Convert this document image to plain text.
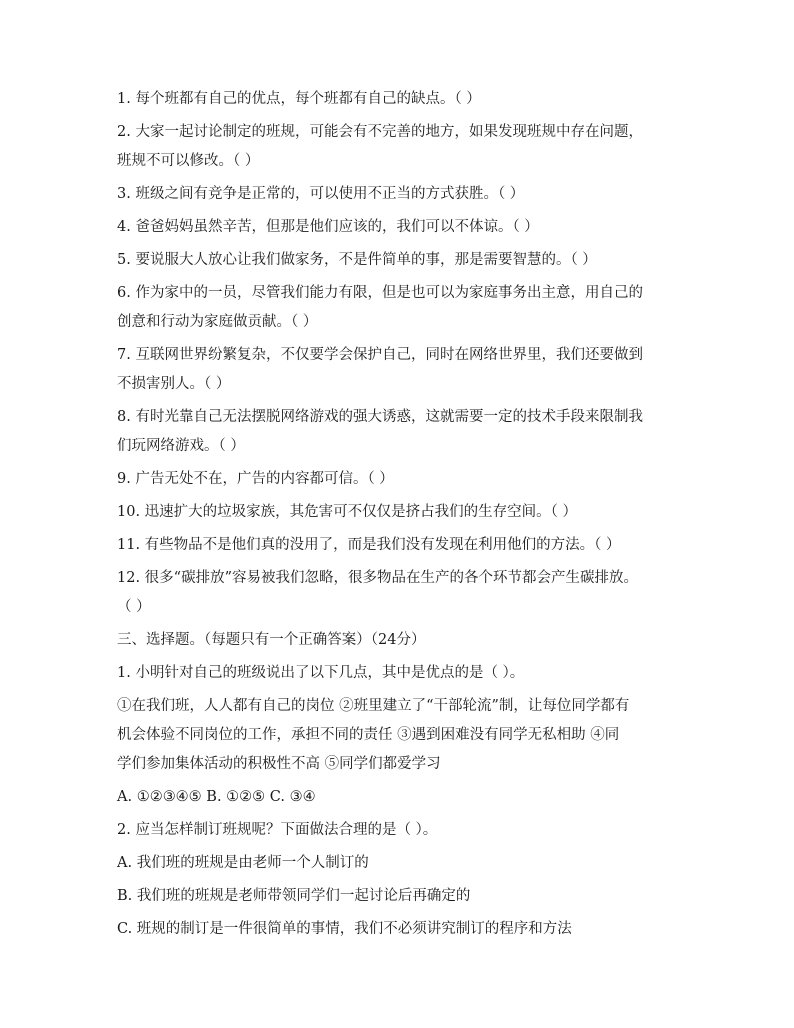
1. 每个班都有自己的优点，每个班都有自己的缺点。（ ）

2. 大家一起讨论制定的班规，可能会有不完善的地方，如果发现班规中存在问题，

班规不可以修改。（ ）

3. 班级之间有竞争是正常的，可以使用不正当的方式获胜。（ ）

4. 爸爸妈妈虽然辛苦，但那是他们应该的，我们可以不体谅。（ ）

5. 要说服大人放心让我们做家务，不是件简单的事，那是需要智慧的。（ ）

6. 作为家中的一员，尽管我们能力有限，但是也可以为家庭事务出主意，用自己的

创意和行动为家庭做贡献。（ ）

7. 互联网世界纷繁复杂，不仅要学会保护自己，同时在网络世界里，我们还要做到

不损害别人。（ ）

8. 有时光靠自己无法摆脱网络游戏的强大诱惑，这就需要一定的技术手段来限制我

们玩网络游戏。（ ）

9. 广告无处不在，广告的内容都可信。（ ）

10. 迅速扩大的垃圾家族，其危害可不仅仅是挤占我们的生存空间。（ ）

11. 有些物品不是他们真的没用了，而是我们没有发现在利用他们的方法。（ ）

12. 很多“碳排放”容易被我们忽略，很多物品在生产的各个环节都会产生碳排放。

（ ）

三、选择题。（每题只有一个正确答案）（24分）

1. 小明针对自己的班级说出了以下几点，其中是优点的是（ ）。

①在我们班，人人都有自己的岗位 ②班里建立了“干部轮流”制，让每位同学都有

机会体验不同岗位的工作，承担不同的责任 ③遇到困难没有同学无私相助 ④同

学们参加集体活动的积极性不高 ⑤同学们都爱学习

A. ①②③④⑤ B. ①②⑤ C. ③④

2. 应当怎样制订班规呢？下面做法合理的是（ ）。

A. 我们班的班规是由老师一个人制订的

B. 我们班的班规是老师带领同学们一起讨论后再确定的

C. 班规的制订是一件很简单的事情，我们不必须讲究制订的程序和方法
